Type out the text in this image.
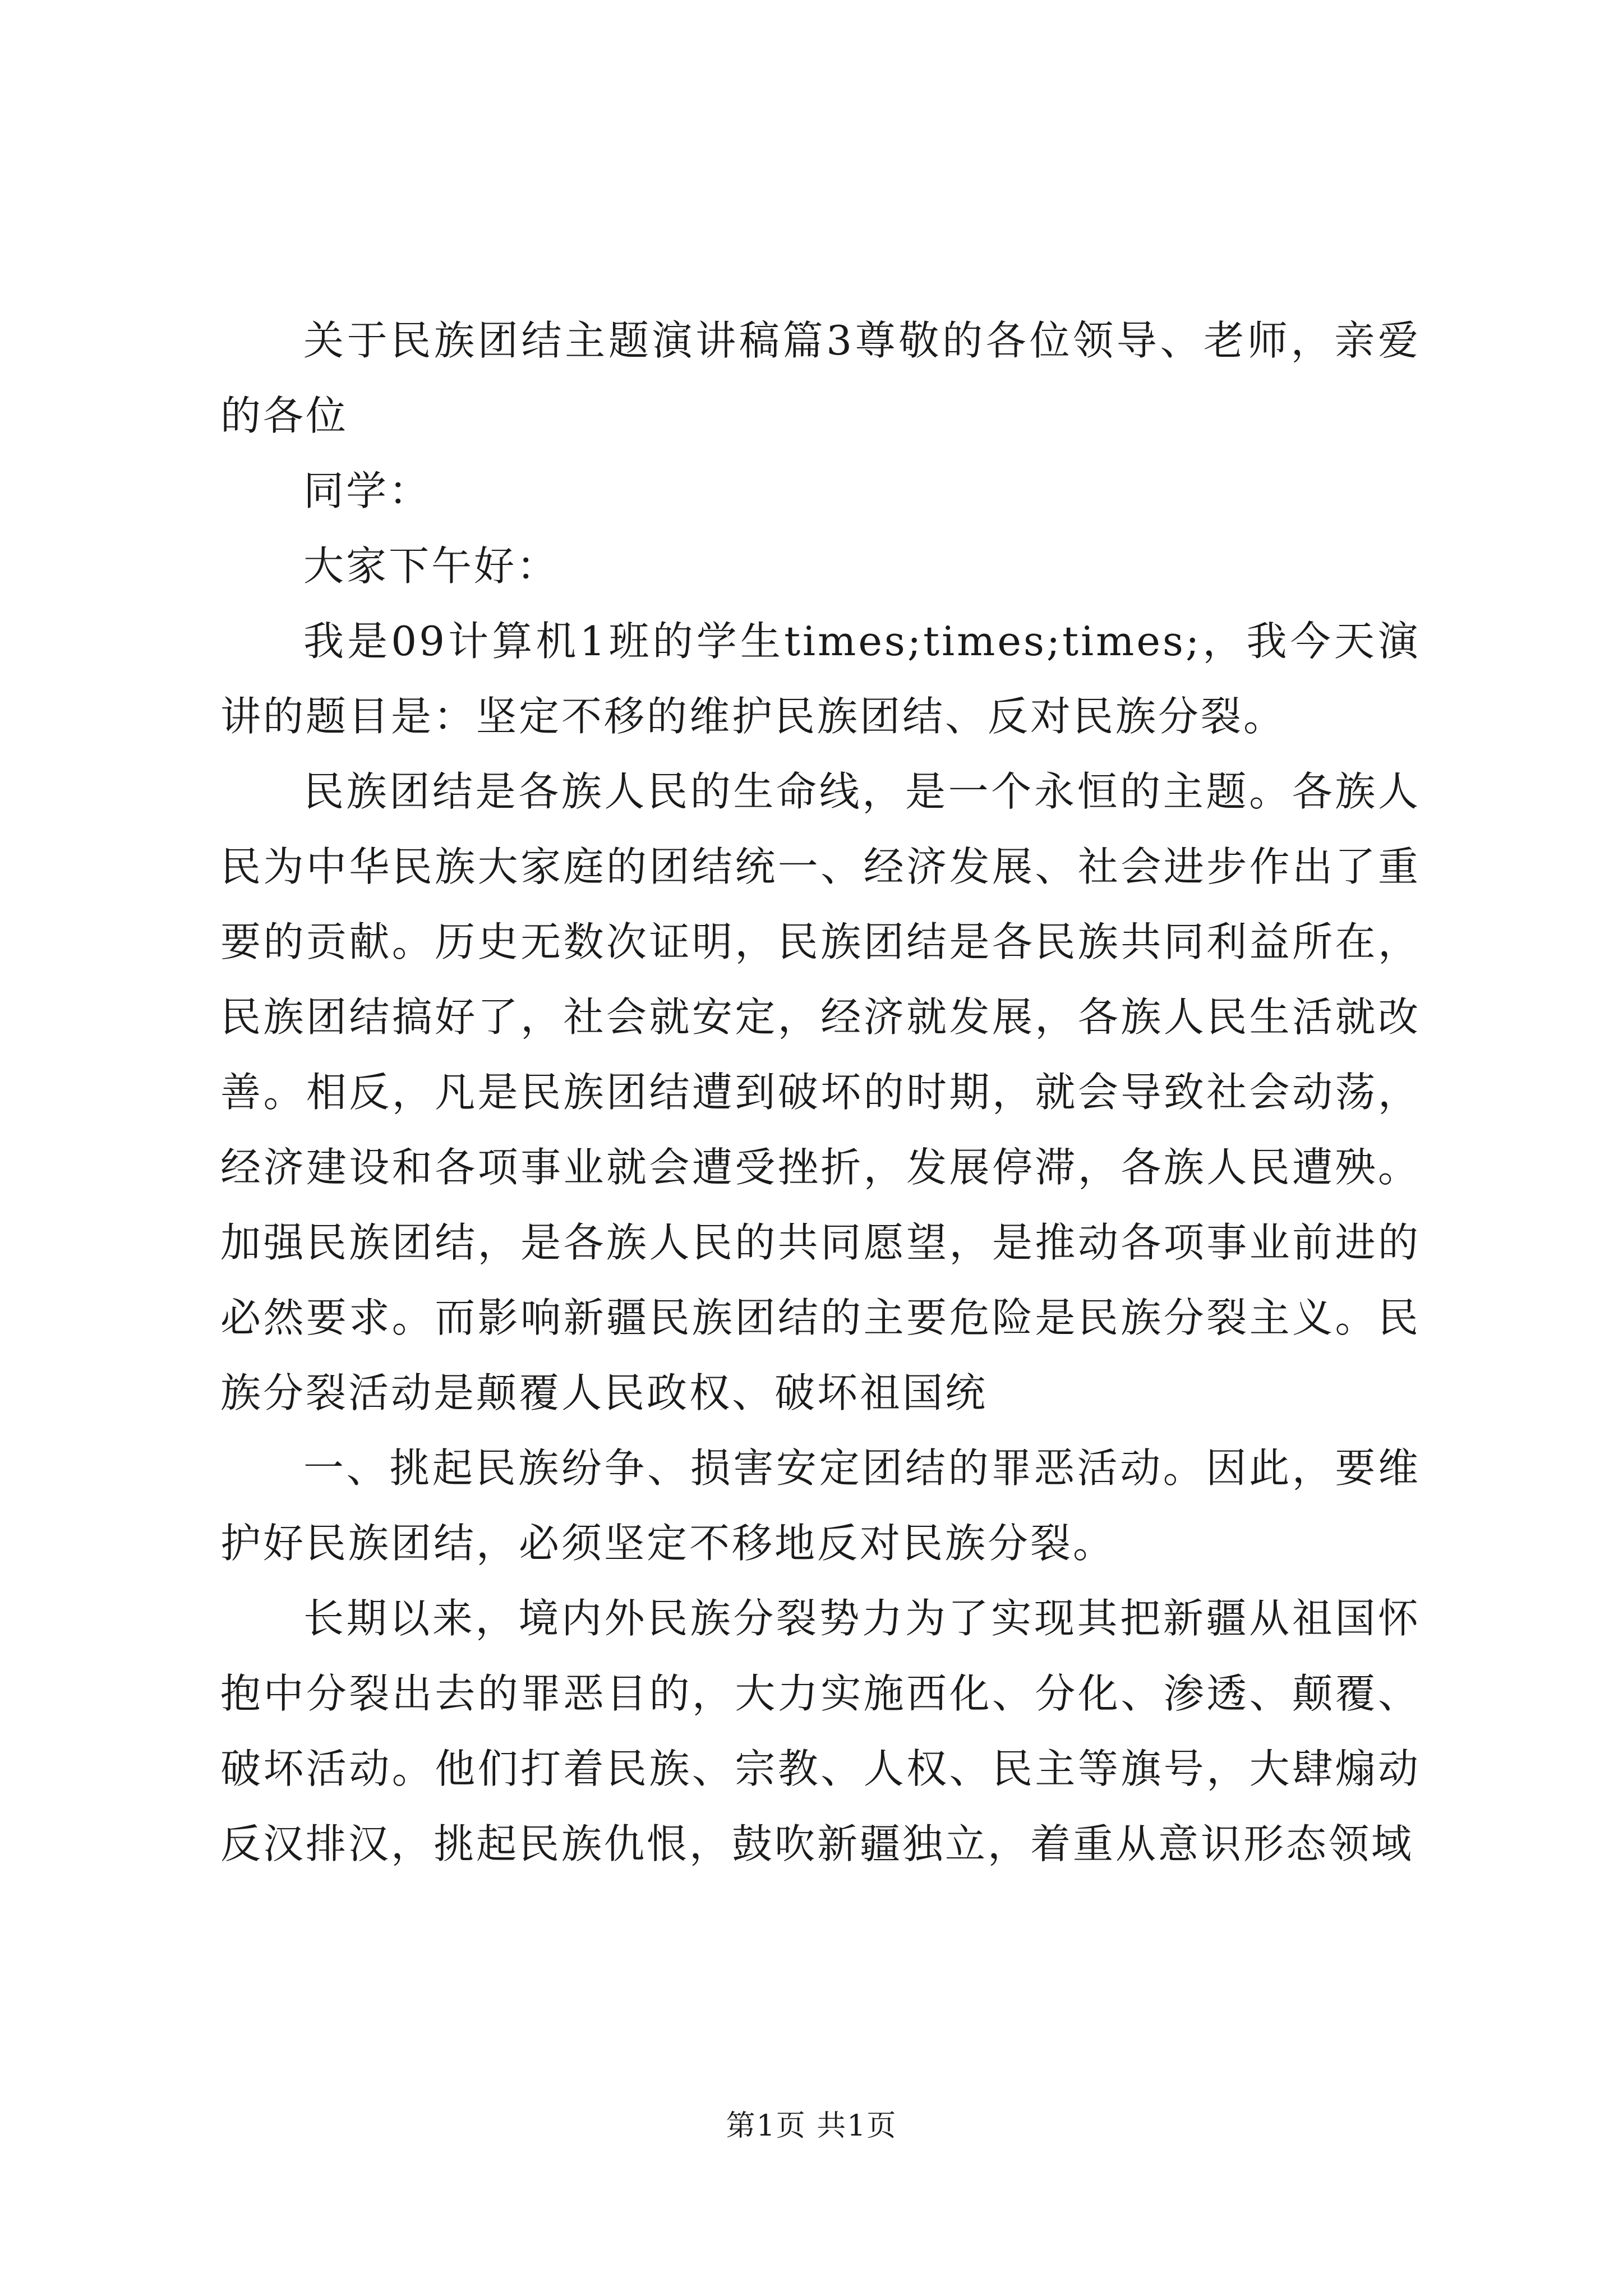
关于民族团结主题演讲稿篇3尊敬的各位领导、老师，亲爱的各位

同学：

大家下午好：

我是09计算机1班的学生times;times;times;，我今天演讲的题目是：坚定不移的维护民族团结、反对民族分裂。

民族团结是各族人民的生命线，是一个永恒的主题。各族人民为中华民族大家庭的团结统一、经济发展、社会进步作出了重要的贡献。历史无数次证明，民族团结是各民族共同利益所在，民族团结搞好了，社会就安定，经济就发展，各族人民生活就改善。相反，凡是民族团结遭到破坏的时期，就会导致社会动荡，经济建设和各项事业就会遭受挫折，发展停滞，各族人民遭殃。加强民族团结，是各族人民的共同愿望，是推动各项事业前进的必然要求。而影响新疆民族团结的主要危险是民族分裂主义。民族分裂活动是颠覆人民政权、破坏祖国统

一、挑起民族纷争、损害安定团结的罪恶活动。因此，要维护好民族团结，必须坚定不移地反对民族分裂。

长期以来，境内外民族分裂势力为了实现其把新疆从祖国怀抱中分裂出去的罪恶目的，大力实施西化、分化、渗透、颠覆、破坏活动。他们打着民族、宗教、人权、民主等旗号，大肆煽动反汉排汉，挑起民族仇恨，鼓吹新疆独立，着重从意识形态领域

第1页 共1页
